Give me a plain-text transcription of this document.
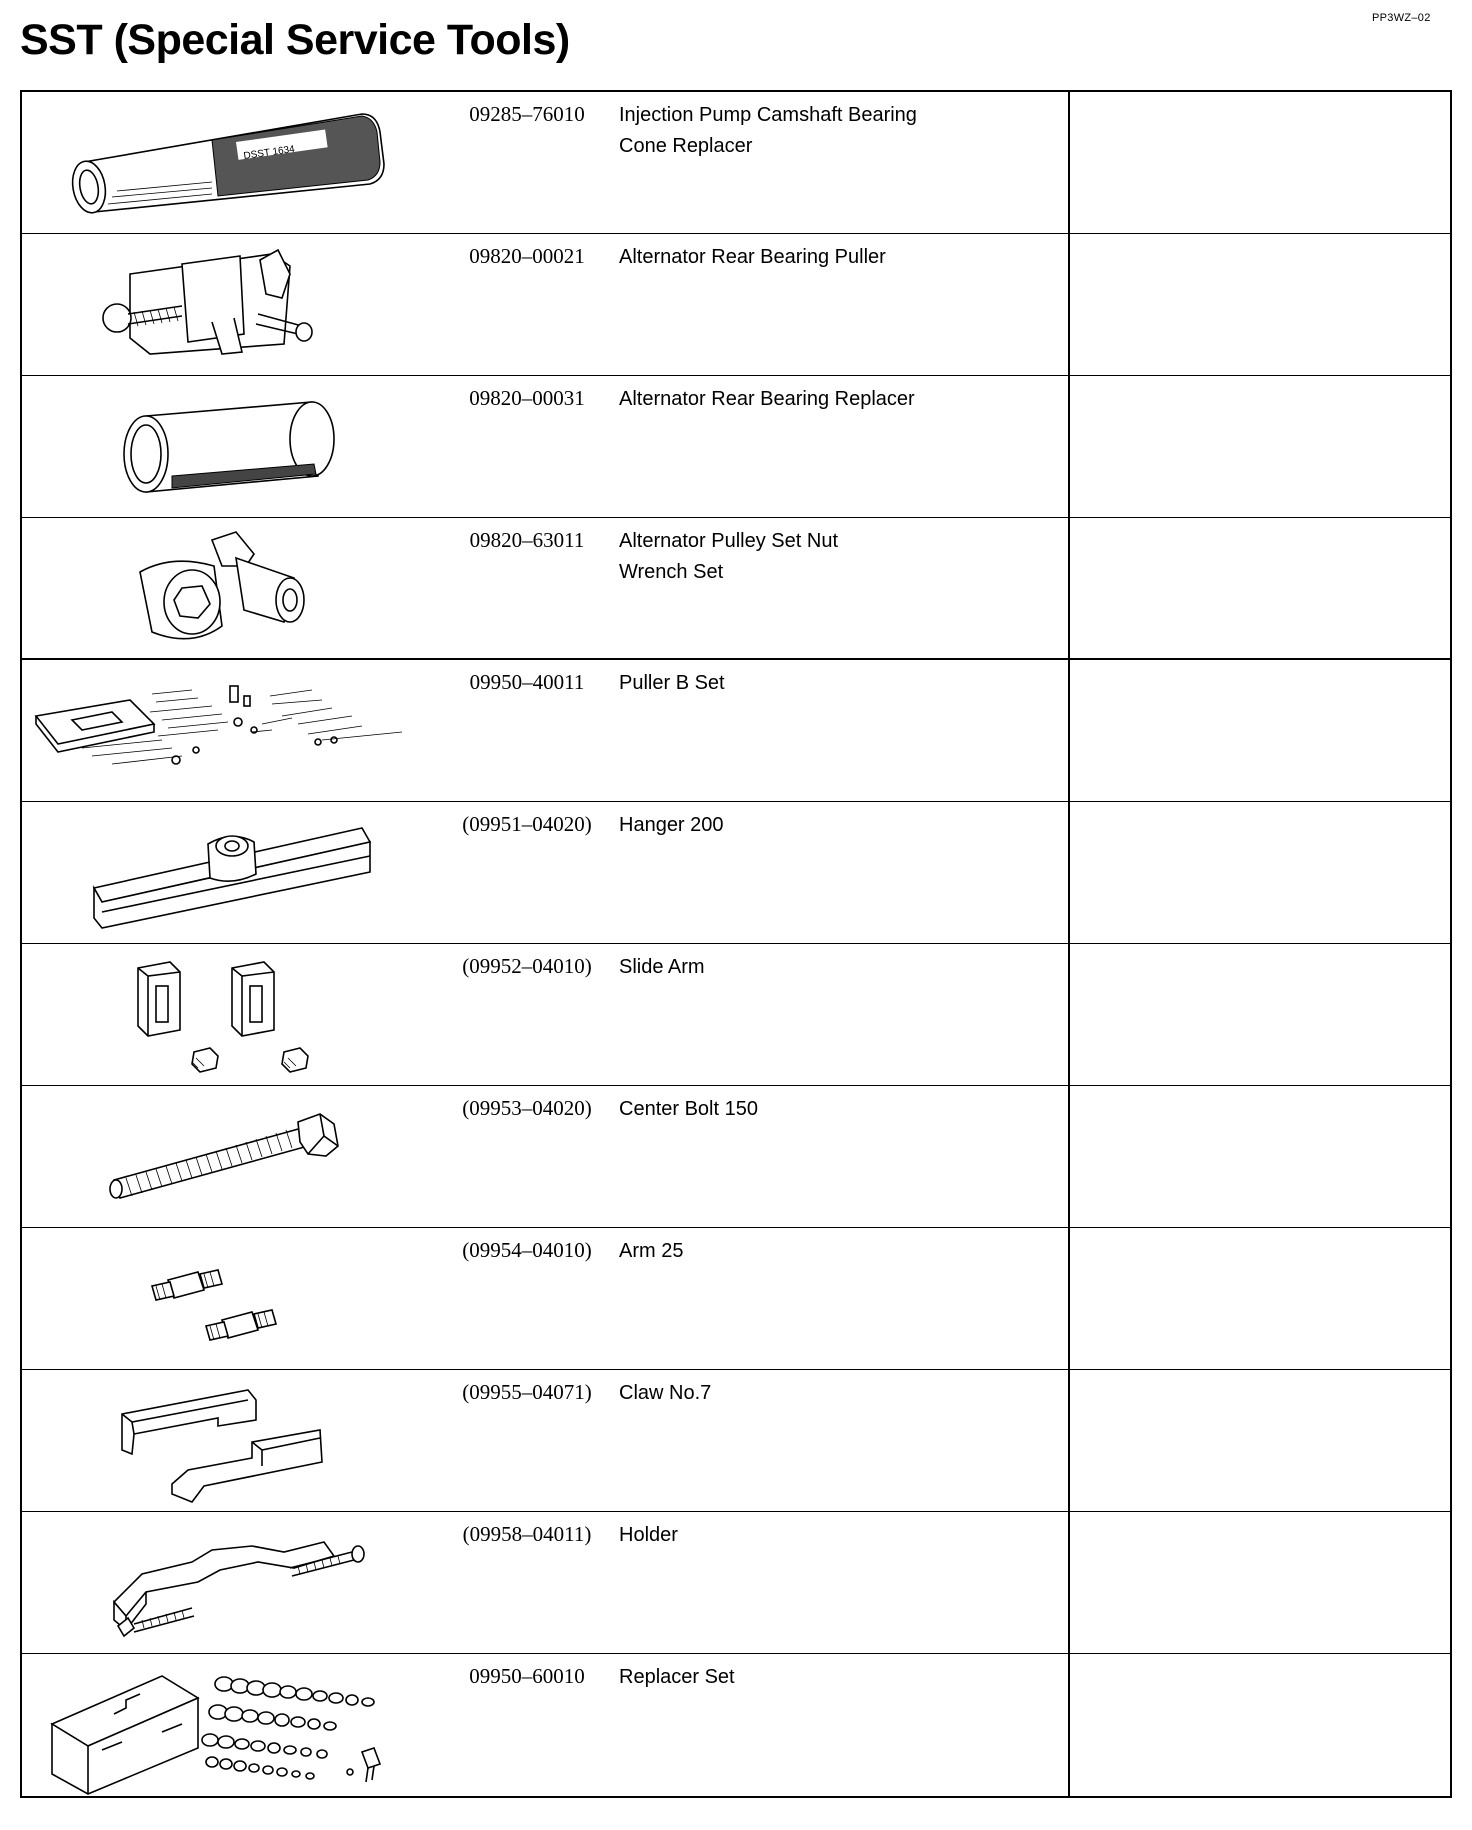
PP3WZ–02
SST (Special Service Tools)
DSST 1634
09285–76010	Injection Pump Camshaft Bearing
Cone Replacer
09820–00021	Alternator Rear Bearing Puller
09820–00031	Alternator Rear Bearing Replacer
09820–63011	Alternator Pulley Set Nut
Wrench Set
09950–40011	Puller B Set
(09951–04020)	Hanger 200
(09952–04010)	Slide Arm
(09953–04020)	Center Bolt 150
(09954–04010)	Arm 25
(09955–04071)	Claw No.7
(09958–04011)	Holder
09950–60010	Replacer Set
